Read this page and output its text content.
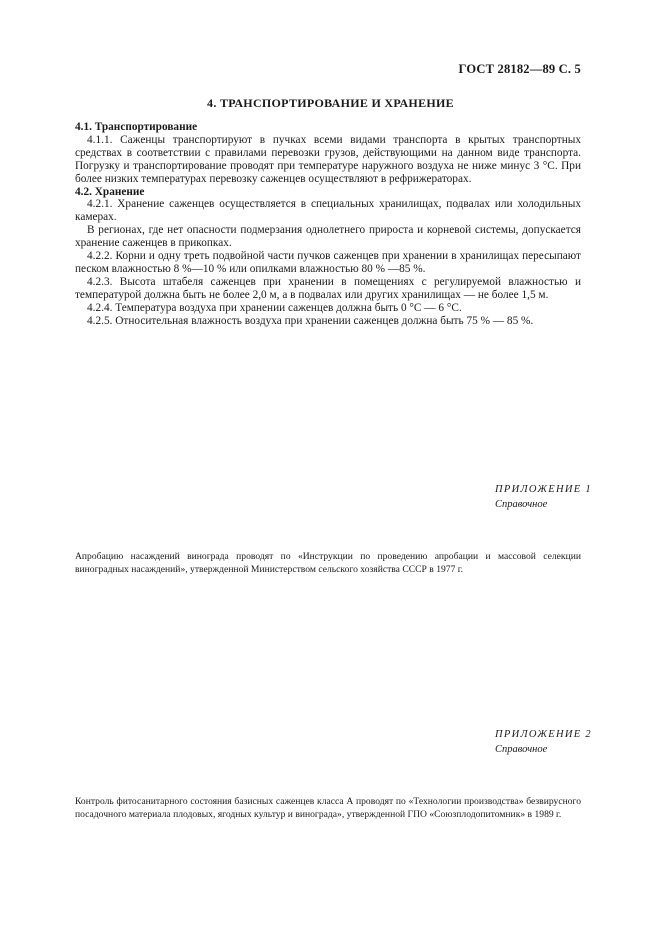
ГОСТ 28182—89 С. 5
4. ТРАНСПОРТИРОВАНИЕ И ХРАНЕНИЕ

4.1. Транспортирование

4.1.1. Саженцы транспортируют в пучках всеми видами транспорта в крытых транспортных средствах в соответствии с правилами перевозки грузов, действующими на данном виде транспорта. Погрузку и транспортирование проводят при температуре наружного воздуха не ниже минус 3 °С. При более низких температурах перевозку саженцев осуществляют в рефрижераторах.

4.2. Хранение

4.2.1. Хранение саженцев осуществляется в специальных хранилищах, подвалах или холодильных камерах.

В регионах, где нет опасности подмерзания однолетнего прироста и корневой системы, допускается хранение саженцев в прикопках.

4.2.2. Корни и одну треть подвойной части пучков саженцев при хранении в хранилищах пересыпают песком влажностью 8 %—10 % или опилками влажностью 80 % —85 %.

4.2.3. Высота штабеля саженцев при хранении в помещениях с регулируемой влажностью и температурой должна быть не более 2,0 м, а в подвалах или других хранилищах — не более 1,5 м.

4.2.4. Температура воздуха при хранении саженцев должна быть 0 °С — 6 °С.

4.2.5. Относительная влажность воздуха при хранении саженцев должна быть 75 % — 85 %.

ПРИЛОЖЕНИЕ 1
Справочное

Апробацию насаждений винограда проводят по «Инструкции по проведению апробации и массовой селекции виноградных насаждений», утвержденной Министерством сельского хозяйства СССР в 1977 г.

ПРИЛОЖЕНИЕ 2
Справочное

Контроль фитосанитарного состояния базисных саженцев класса А проводят по «Технологии производства» безвирусного посадочного материала плодовых, ягодных культур и винограда», утвержденной ГПО «Союзплодопитомник» в 1989 г.
